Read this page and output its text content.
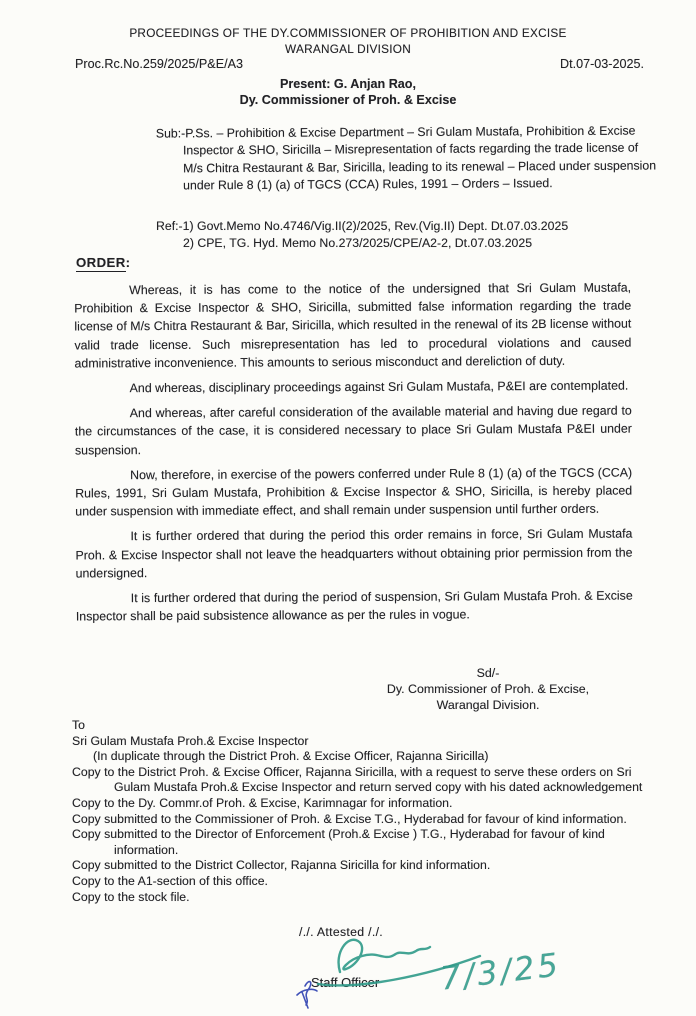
PROCEEDINGS OF THE DY.COMMISSIONER OF PROHIBITION AND EXCISE
WARANGAL DIVISION
Proc.Rc.No.259/2025/P&E/A3	Dt.07-03-2025.
Present: G. Anjan Rao,
Dy. Commissioner of Proh. & Excise
Sub:-P.Ss. – Prohibition & Excise Department – Sri Gulam Mustafa, Prohibition & Excise Inspector & SHO, Siricilla – Misrepresentation of facts regarding the trade license of M/s Chitra Restaurant & Bar, Siricilla, leading to its renewal – Placed under suspension under Rule 8 (1) (a) of TGCS (CCA) Rules, 1991 – Orders – Issued.
Ref:-1) Govt.Memo No.4746/Vig.II(2)/2025, Rev.(Vig.II) Dept. Dt.07.03.2025
2) CPE, TG. Hyd. Memo No.273/2025/CPE/A2-2, Dt.07.03.2025
ORDER:

Whereas, it is has come to the notice of the undersigned that Sri Gulam Mustafa, Prohibition & Excise Inspector & SHO, Siricilla, submitted false information regarding the trade license of M/s Chitra Restaurant & Bar, Siricilla, which resulted in the renewal of its 2B license without valid trade license. Such misrepresentation has led to procedural violations and caused administrative inconvenience. This amounts to serious misconduct and dereliction of duty.

And whereas, disciplinary proceedings against Sri Gulam Mustafa, P&EI are contemplated.

And whereas, after careful consideration of the available material and having due regard to the circumstances of the case, it is considered necessary to place Sri Gulam Mustafa P&EI under suspension.

Now, therefore, in exercise of the powers conferred under Rule 8 (1) (a) of the TGCS (CCA) Rules, 1991, Sri Gulam Mustafa, Prohibition & Excise Inspector & SHO, Siricilla, is hereby placed under suspension with immediate effect, and shall remain under suspension until further orders.

It is further ordered that during the period this order remains in force, Sri Gulam Mustafa Proh. & Excise Inspector shall not leave the headquarters without obtaining prior permission from the undersigned.

It is further ordered that during the period of suspension, Sri Gulam Mustafa Proh. & Excise Inspector shall be paid subsistence allowance as per the rules in vogue.

Sd/-
Dy. Commissioner of Proh. & Excise,
Warangal Division.
To
Sri Gulam Mustafa Proh.& Excise Inspector
(In duplicate through the District Proh. & Excise Officer, Rajanna Siricilla)
Copy to the District Proh. & Excise Officer, Rajanna Siricilla, with a request to serve these orders on Sri Gulam Mustafa Proh.& Excise Inspector and return served copy with his dated acknowledgement
Copy to the Dy. Commr.of Proh. & Excise, Karimnagar for information.
Copy submitted to the Commissioner of Proh. & Excise T.G., Hyderabad for favour of kind information.
Copy submitted to the Director of Enforcement (Proh.& Excise ) T.G., Hyderabad for favour of kind information.
Copy submitted to the District Collector, Rajanna Siricilla for kind information.
Copy to the A1-section of this office.
Copy to the stock file.
/./. Attested /./.
Staff Officer 7/3/25
